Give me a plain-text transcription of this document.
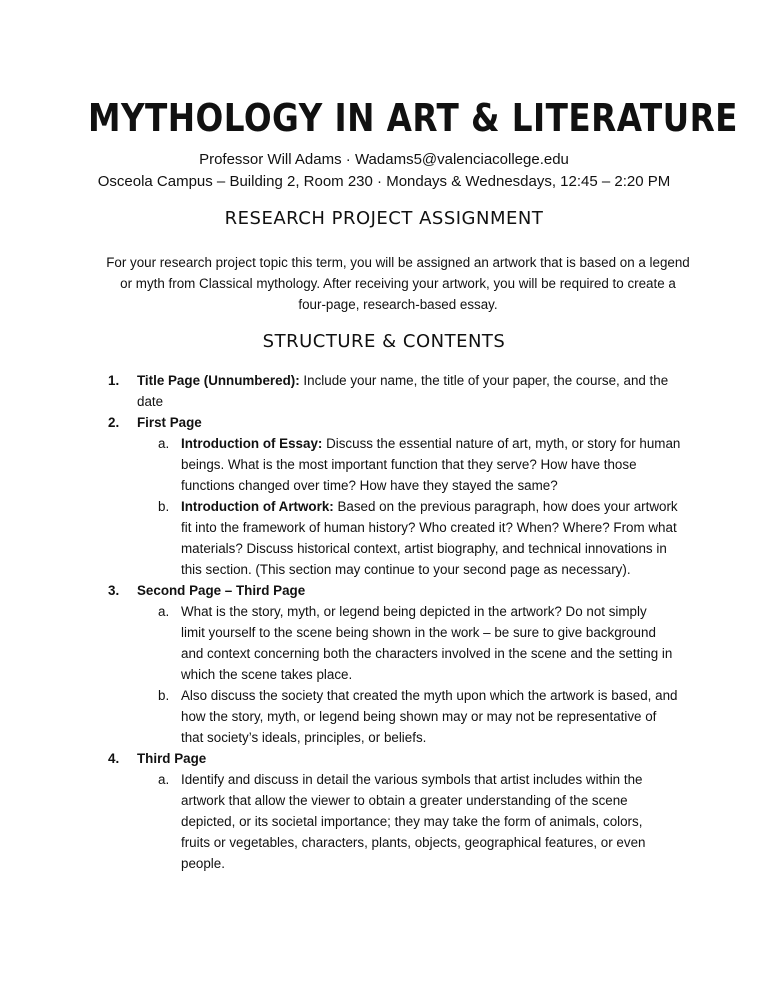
MYTHOLOGY IN ART & LITERATURE
Professor Will Adams · Wadams5@valenciacollege.edu
Osceola Campus – Building 2, Room 230 · Mondays & Wednesdays, 12:45 – 2:20 PM
RESEARCH PROJECT ASSIGNMENT
For your research project topic this term, you will be assigned an artwork that is based on a legend
or myth from Classical mythology. After receiving your artwork, you will be required to create a
four-page, research-based essay.
STRUCTURE & CONTENTS
1.	Title Page (Unnumbered): Include your name, the title of your paper, the course, and the
date
2.	First Page
a. Introduction of Essay: Discuss the essential nature of art, myth, or story for human
beings. What is the most important function that they serve? How have those
functions changed over time? How have they stayed the same?
b. Introduction of Artwork: Based on the previous paragraph, how does your artwork
fit into the framework of human history? Who created it? When? Where? From what
materials? Discuss historical context, artist biography, and technical innovations in
this section. (This section may continue to your second page as necessary).
3.	Second Page – Third Page
a. What is the story, myth, or legend being depicted in the artwork? Do not simply
limit yourself to the scene being shown in the work – be sure to give background
and context concerning both the characters involved in the scene and the setting in
which the scene takes place.
b. Also discuss the society that created the myth upon which the artwork is based, and
how the story, myth, or legend being shown may or may not be representative of
that society’s ideals, principles, or beliefs.
4.	Third Page
a. Identify and discuss in detail the various symbols that artist includes within the
artwork that allow the viewer to obtain a greater understanding of the scene
depicted, or its societal importance; they may take the form of animals, colors,
fruits or vegetables, characters, plants, objects, geographical features, or even
people.
